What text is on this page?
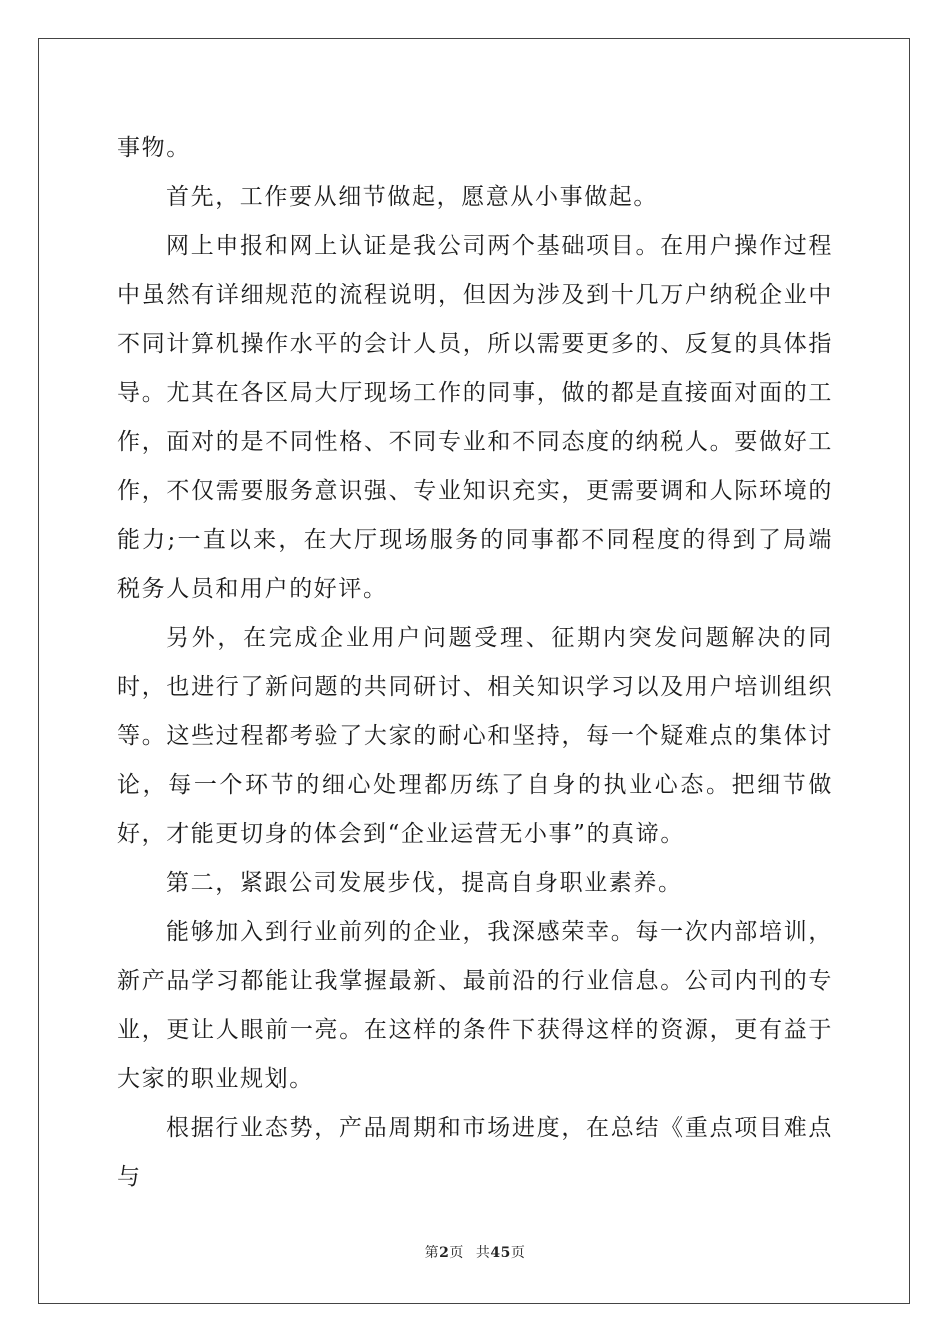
事物。

首先，工作要从细节做起，愿意从小事做起。

网上申报和网上认证是我公司两个基础项目。在用户操作过程中虽然有详细规范的流程说明，但因为涉及到十几万户纳税企业中不同计算机操作水平的会计人员，所以需要更多的、反复的具体指导。尤其在各区局大厅现场工作的同事，做的都是直接面对面的工作，面对的是不同性格、不同专业和不同态度的纳税人。要做好工作，不仅需要服务意识强、专业知识充实，更需要调和人际环境的能力;一直以来，在大厅现场服务的同事都不同程度的得到了局端税务人员和用户的好评。

另外，在完成企业用户问题受理、征期内突发问题解决的同时，也进行了新问题的共同研讨、相关知识学习以及用户培训组织等。这些过程都考验了大家的耐心和坚持，每一个疑难点的集体讨论，每一个环节的细心处理都历练了自身的执业心态。把细节做好，才能更切身的体会到“企业运营无小事”的真谛。

第二，紧跟公司发展步伐，提高自身职业素养。

能够加入到行业前列的企业，我深感荣幸。每一次内部培训，新产品学习都能让我掌握最新、最前沿的行业信息。公司内刊的专业，更让人眼前一亮。在这样的条件下获得这样的资源，更有益于大家的职业规划。

根据行业态势，产品周期和市场进度，在总结《重点项目难点与

第2页 共45页
